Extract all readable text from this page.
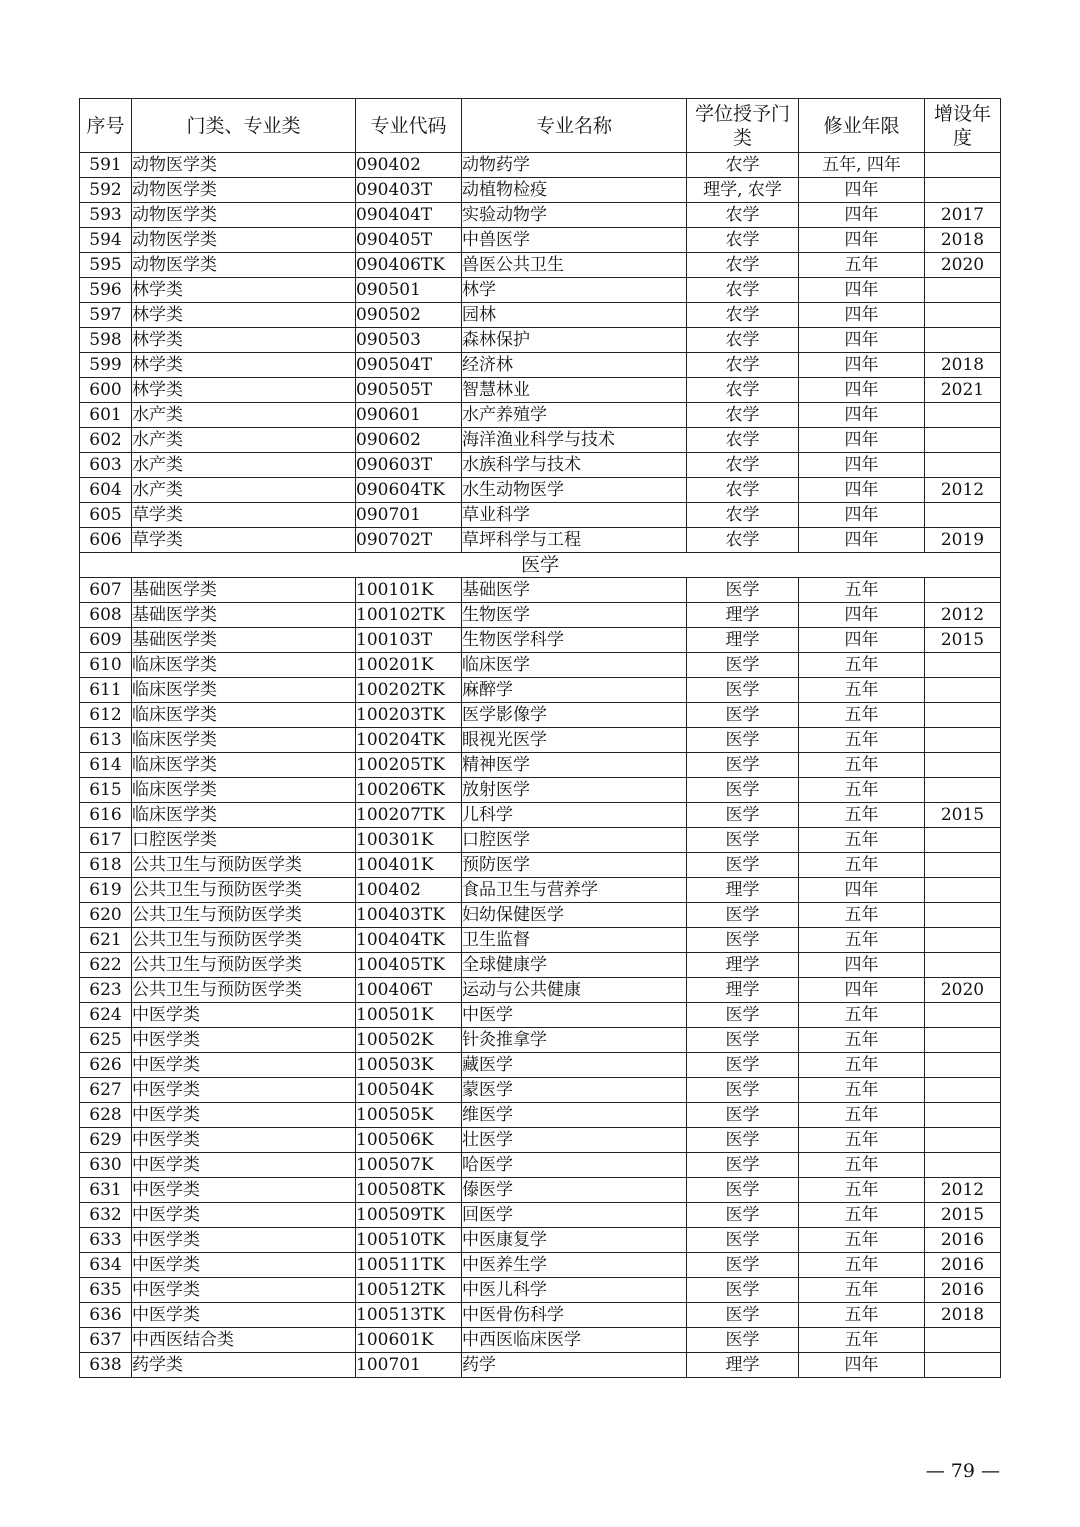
序号	门类、专业类	专业代码	专业名称	学位授予门类	修业年限	增设年度
591	动物医学类	090402	动物药学	农学	五年, 四年	
592	动物医学类	090403T	动植物检疫	理学, 农学	四年	
593	动物医学类	090404T	实验动物学	农学	四年	2017
594	动物医学类	090405T	中兽医学	农学	四年	2018
595	动物医学类	090406TK	兽医公共卫生	农学	五年	2020
596	林学类	090501	林学	农学	四年	
597	林学类	090502	园林	农学	四年	
598	林学类	090503	森林保护	农学	四年	
599	林学类	090504T	经济林	农学	四年	2018
600	林学类	090505T	智慧林业	农学	四年	2021
601	水产类	090601	水产养殖学	农学	四年	
602	水产类	090602	海洋渔业科学与技术	农学	四年	
603	水产类	090603T	水族科学与技术	农学	四年	
604	水产类	090604TK	水生动物医学	农学	四年	2012
605	草学类	090701	草业科学	农学	四年	
606	草学类	090702T	草坪科学与工程	农学	四年	2019
医学						
607	基础医学类	100101K	基础医学	医学	五年	
608	基础医学类	100102TK	生物医学	理学	四年	2012
609	基础医学类	100103T	生物医学科学	理学	四年	2015
610	临床医学类	100201K	临床医学	医学	五年	
611	临床医学类	100202TK	麻醉学	医学	五年	
612	临床医学类	100203TK	医学影像学	医学	五年	
613	临床医学类	100204TK	眼视光医学	医学	五年	
614	临床医学类	100205TK	精神医学	医学	五年	
615	临床医学类	100206TK	放射医学	医学	五年	
616	临床医学类	100207TK	儿科学	医学	五年	2015
617	口腔医学类	100301K	口腔医学	医学	五年	
618	公共卫生与预防医学类	100401K	预防医学	医学	五年	
619	公共卫生与预防医学类	100402	食品卫生与营养学	理学	四年	
620	公共卫生与预防医学类	100403TK	妇幼保健医学	医学	五年	
621	公共卫生与预防医学类	100404TK	卫生监督	医学	五年	
622	公共卫生与预防医学类	100405TK	全球健康学	理学	四年	
623	公共卫生与预防医学类	100406T	运动与公共健康	理学	四年	2020
624	中医学类	100501K	中医学	医学	五年	
625	中医学类	100502K	针灸推拿学	医学	五年	
626	中医学类	100503K	藏医学	医学	五年	
627	中医学类	100504K	蒙医学	医学	五年	
628	中医学类	100505K	维医学	医学	五年	
629	中医学类	100506K	壮医学	医学	五年	
630	中医学类	100507K	哈医学	医学	五年	
631	中医学类	100508TK	傣医学	医学	五年	2012
632	中医学类	100509TK	回医学	医学	五年	2015
633	中医学类	100510TK	中医康复学	医学	五年	2016
634	中医学类	100511TK	中医养生学	医学	五年	2016
635	中医学类	100512TK	中医儿科学	医学	五年	2016
636	中医学类	100513TK	中医骨伤科学	医学	五年	2018
637	中西医结合类	100601K	中西医临床医学	医学	五年	
638	药学类	100701	药学	理学	四年	
— 79 —
